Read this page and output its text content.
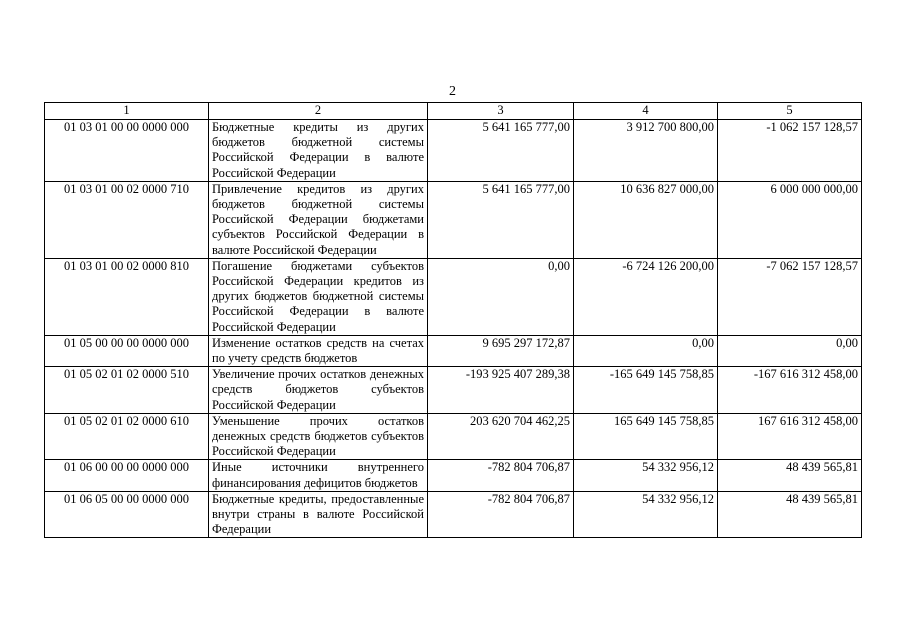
2
1	2	3	4	5
01 03 01 00 00 0000 000	Бюджетные кредиты из других бюджетов бюджетной системы Российской Федерации в валюте Российской Федерации	5 641 165 777,00	3 912 700 800,00	-1 062 157 128,57
01 03 01 00 02 0000 710	Привлечение кредитов из других бюджетов бюджетной системы Российской Федерации бюджетами субъектов Российской Федерации в валюте Российской Федерации	5 641 165 777,00	10 636 827 000,00	6 000 000 000,00
01 03 01 00 02 0000 810	Погашение бюджетами субъектов Российской Федерации кредитов из других бюджетов бюджетной системы Российской Федерации в валюте Российской Федерации	0,00	-6 724 126 200,00	-7 062 157 128,57
01 05 00 00 00 0000 000	Изменение остатков средств на счетах по учету средств бюджетов	9 695 297 172,87	0,00	0,00
01 05 02 01 02 0000 510	Увеличение прочих остатков денежных средств бюджетов субъектов Российской Федерации	-193 925 407 289,38	-165 649 145 758,85	-167 616 312 458,00
01 05 02 01 02 0000 610	Уменьшение прочих остатков денежных средств бюджетов субъектов Российской Федерации	203 620 704 462,25	165 649 145 758,85	167 616 312 458,00
01 06 00 00 00 0000 000	Иные источники внутреннего финансирования дефицитов бюджетов	-782 804 706,87	54 332 956,12	48 439 565,81
01 06 05 00 00 0000 000	Бюджетные кредиты, предоставленные внутри страны в валюте Российской Федерации	-782 804 706,87	54 332 956,12	48 439 565,81
